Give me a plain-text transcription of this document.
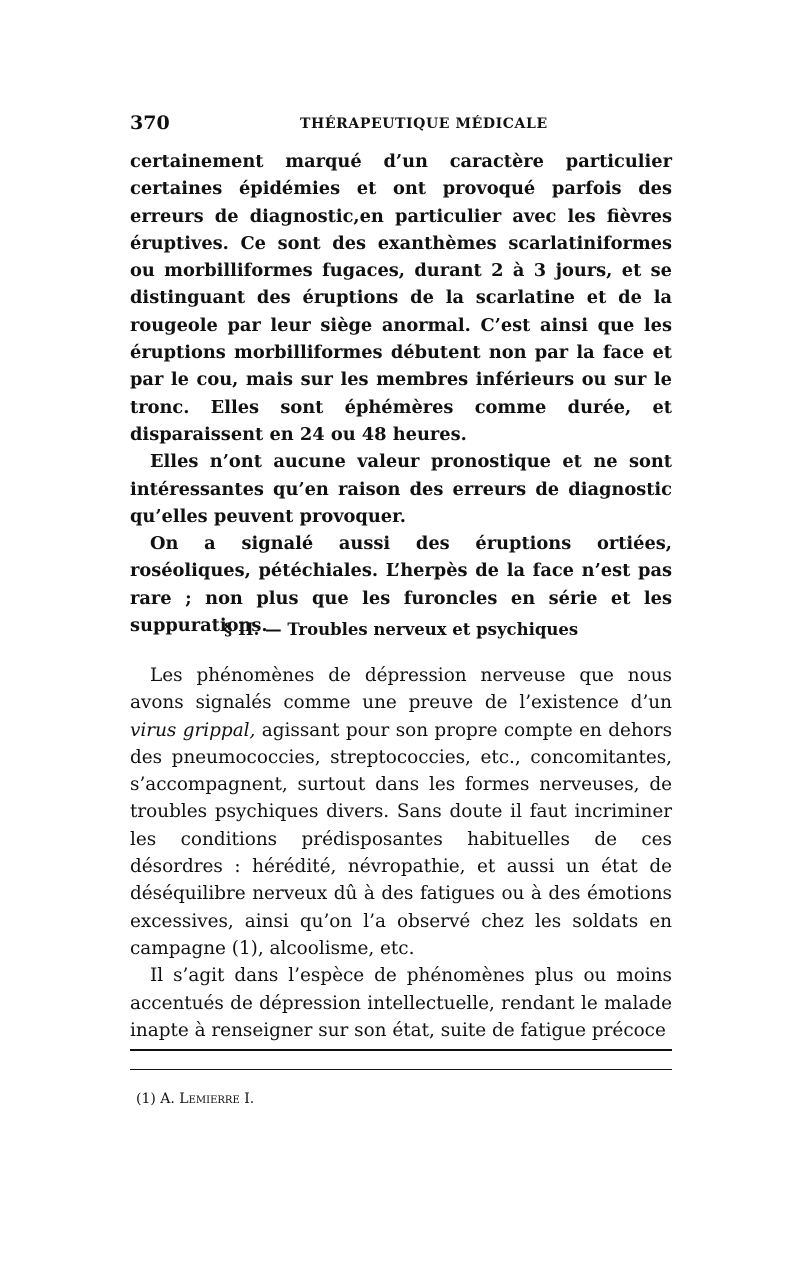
370	THÉRAPEUTIQUE MÉDICALE

certainement marqué d’un caractère particulier certaines épidémies et ont provoqué parfois des erreurs de diagnostic,en particulier avec les fièvres éruptives. Ce sont des exanthèmes scarlatiniformes ou morbilliformes fugaces, durant 2 à 3 jours, et se distinguant des éruptions de la scarlatine et de la rougeole par leur siège anormal. C’est ainsi que les éruptions morbilliformes débutent non par la face et par le cou, mais sur les membres inférieurs ou sur le tronc. Elles sont éphémères comme durée, et disparaissent en 24 ou 48 heures.

Elles n’ont aucune valeur pronostique et ne sont intéressantes qu’en raison des erreurs de diagnostic qu’elles peuvent provoquer.

On a signalé aussi des éruptions ortiées, roséoliques, pétéchiales. L’herpès de la face n’est pas rare ; non plus que les furoncles en série et les suppurations.

§ II. — Troubles nerveux et psychiques

Les phénomènes de dépression nerveuse que nous avons signalés comme une preuve de l’existence d’un virus grippal, agissant pour son propre compte en dehors des pneumococcies, streptococcies, etc., concomitantes, s’accompagnent, surtout dans les formes nerveuses, de troubles psychiques divers. Sans doute il faut incriminer les conditions prédisposantes habituelles de ces désordres : hérédité, névropathie, et aussi un état de déséquilibre nerveux dû à des fatigues ou à des émotions excessives, ainsi qu’on l’a observé chez les soldats en campagne (1), alcoolisme, etc.

Il s’agit dans l’espèce de phénomènes plus ou moins accentués de dépression intellectuelle, rendant le malade inapte à renseigner sur son état, suite de fatigue précoce

(1) A. Lemierre I.
